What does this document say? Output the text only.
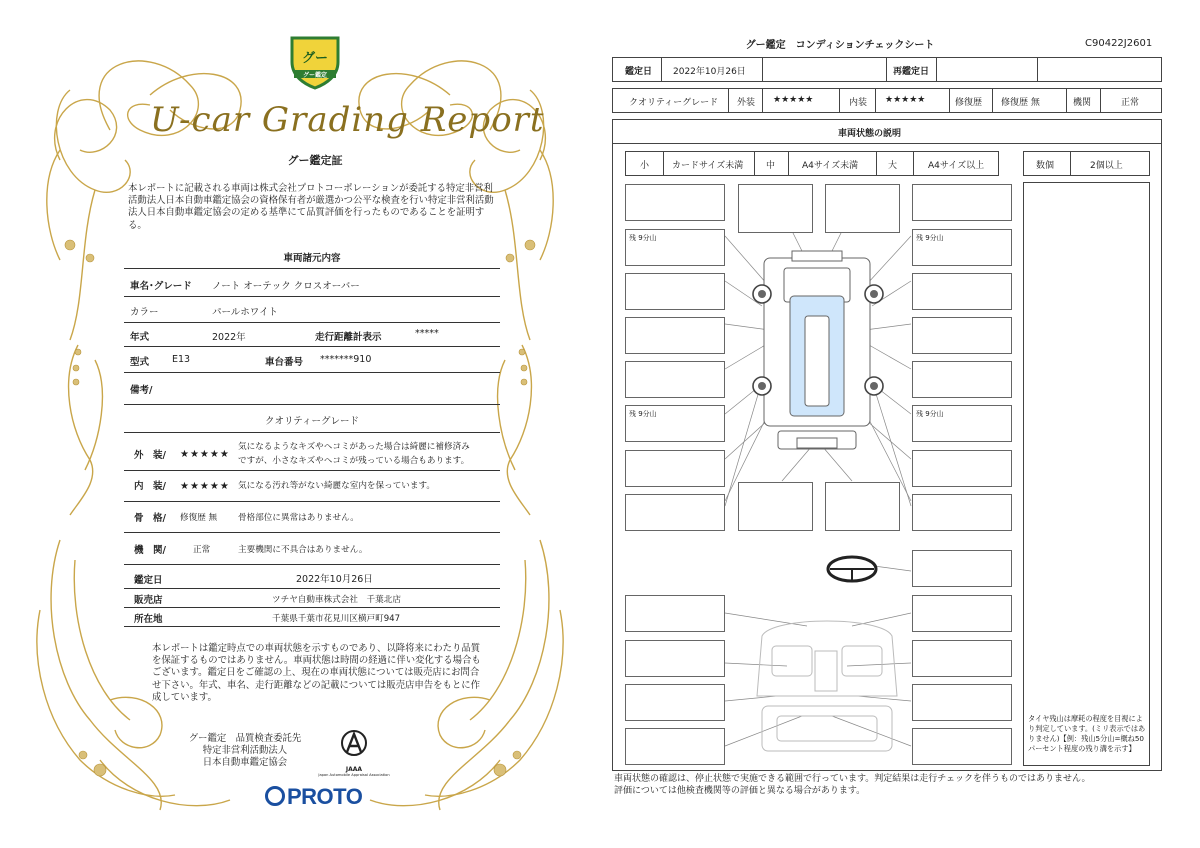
グー
グー鑑定
U-car Grading Report
グー鑑定証
本レポートに記載される車両は株式会社プロトコーポレーションが委託する特定非営利活動法人日本自動車鑑定協会の資格保有者が厳選かつ公平な検査を行い特定非営利活動法人日本自動車鑑定協会の定める基準にて品質評価を行ったものであることを証明する。
車両諸元内容
車名･グレード ノート オーテック クロスオーバー
カラー	パールホワイト
年式	2022年	走行距離計表示	*****
型式 E13	車台番号 *******910
備考/
クオリティーグレード
外　装/ ★★★★★
気になるようなキズやヘコミがあった場合は綺麗に補修済み
ですが、小さなキズやヘコミが残っている場合もあります。
内　装/ ★★★★★ 気になる汚れ等がない綺麗な室内を保っています。
骨　格/ 修復歴 無 骨格部位に異常はありません。
機　関/	正常	主要機関に不具合はありません。
鑑定日	2022年10月26日
販売店	ツチヤ自動車株式会社　千葉北店
所在地	千葉県千葉市花見川区横戸町947
本レポートは鑑定時点での車両状態を示すものであり、以降将来にわたり品質を保証するものではありません。車両状態は時間の経過に伴い変化する場合もございます。鑑定日をご確認の上、現在の車両状態については販売店にお問合せ下さい。年式、車名、走行距離などの記載については販売店申告をもとに作成しています。
グー鑑定　品質検査委託先
特定非営利活動法人
日本自動車鑑定協会
JAAA
Japan Automobile Appraisal Association
PROTO
グー鑑定　コンディションチェックシート	C90422J2601
鑑定日 2022年10月26日	再鑑定日
クオリティーグレード 外装 ★★★★★	内装 ★★★★★	修復歴 修復歴 無	機関	正常
車両状態の説明
小	カードサイズ未満	中	A4サイズ未満	大	A4サイズ以上	数個	2個以上
タイヤ残山は摩耗の程度を目視により判定しています。(ミリ表示ではありません)【例：残山5分山=概ね50パーセント程度の残り溝を示す】
残 9分山	残 9分山
残 9分山	残 9分山
車両状態の確認は、停止状態で実施できる範囲で行っています。判定結果は走行チェックを伴うものではありません。
評価については他検査機関等の評価と異なる場合があります。
